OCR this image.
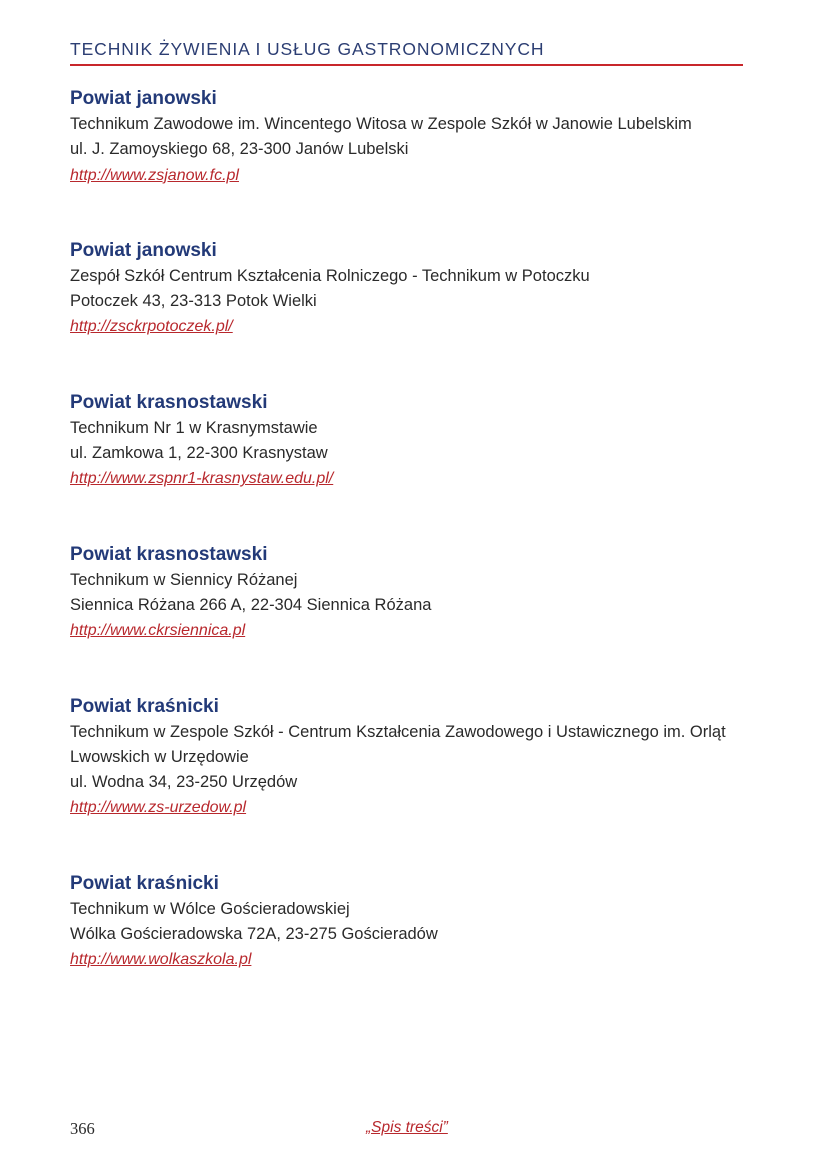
TECHNIK ŻYWIENIA I USŁUG GASTRONOMICZNYCH
Powiat janowski
Technikum Zawodowe im. Wincentego Witosa w Zespole Szkół w Janowie Lubelskim
ul. J. Zamoyskiego 68, 23-300 Janów Lubelski
http://www.zsjanow.fc.pl
Powiat janowski
Zespół Szkół Centrum Kształcenia Rolniczego - Technikum w Potoczku
Potoczek 43, 23-313 Potok Wielki
http://zsckrpotoczek.pl/
Powiat krasnostawski
Technikum Nr 1 w Krasnymstawie
ul. Zamkowa 1, 22-300 Krasnystaw
http://www.zspnr1-krasnystaw.edu.pl/
Powiat krasnostawski
Technikum w Siennicy Różanej
Siennica Różana 266 A, 22-304 Siennica Różana
http://www.ckrsiennica.pl
Powiat kraśnicki
Technikum w Zespole Szkół - Centrum Kształcenia Zawodowego i Ustawicznego im. Orląt
Lwowskich w Urzędowie
ul. Wodna 34, 23-250 Urzędów
http://www.zs-urzedow.pl
Powiat kraśnicki
Technikum w Wólce Gościeradowskiej
Wólka Gościeradowska 72A, 23-275 Gościeradów
http://www.wolkaszkola.pl
366	„Spis treści”
